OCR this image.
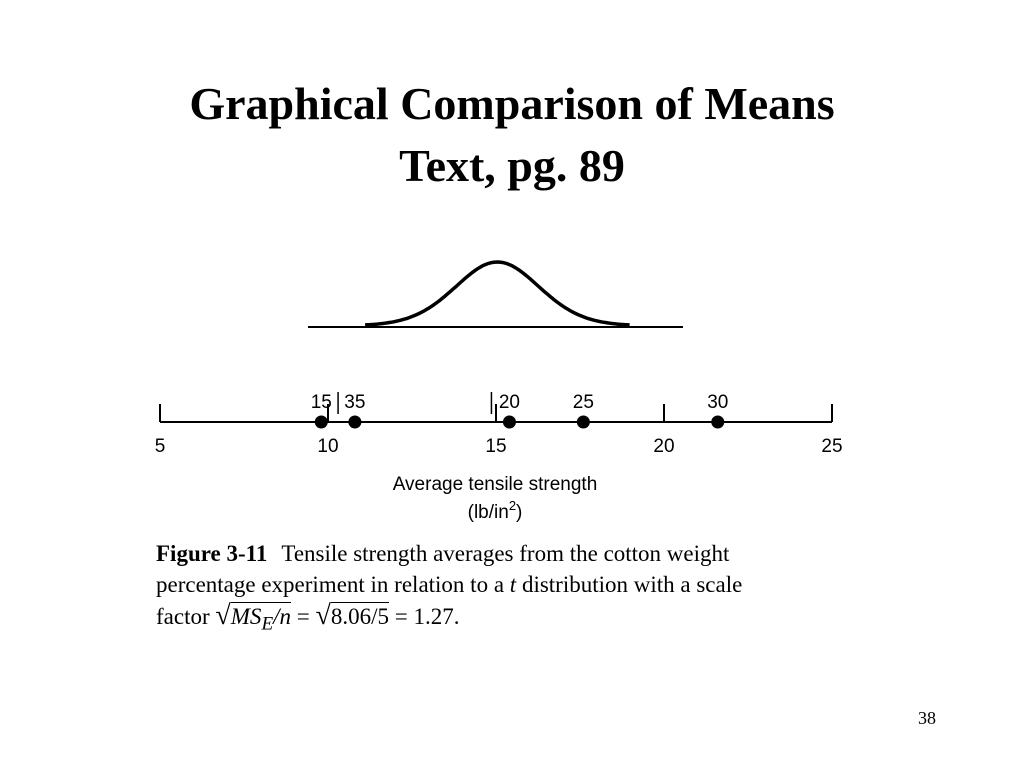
Graphical Comparison of Means
Text, pg. 89
5	10	15	20	25
15 35	20	25	30
Average tensile strength
$(lb/in^2)$
Figure 3-11 Tensile strength averages from the cotton weight
percentage experiment in relation to a t distribution with a scale
factor $√MS_E/n = √8.06/5 = 1.27$.
38
